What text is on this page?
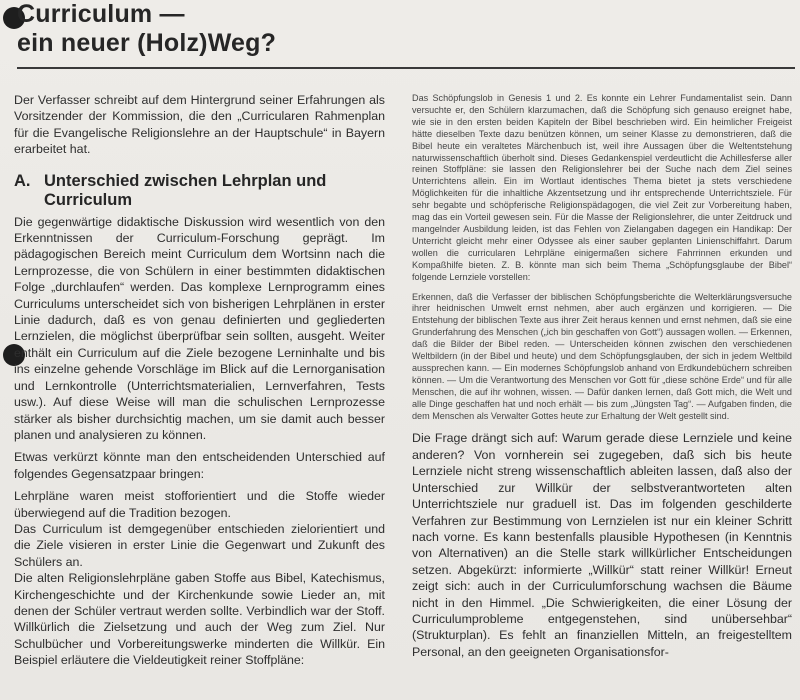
Curriculum —
ein neuer (Holz)Weg?

Der Verfasser schreibt auf dem Hintergrund seiner Erfahrungen als Vorsitzender der Kommission, die den „Curricularen Rahmenplan für die Evangelische Religionslehre an der Hauptschule“ in Bayern erarbeitet hat.

A. Unterschied zwischen Lehrplan und Curriculum

Die gegenwärtige didaktische Diskussion wird wesentlich von den Erkenntnissen der Curriculum-Forschung geprägt. Im pädagogischen Bereich meint Curriculum dem Wortsinn nach die Lernprozesse, die von Schülern in einer bestimmten didaktischen Folge „durchlaufen“ werden. Das komplexe Lernprogramm eines Curriculums unterscheidet sich von bisherigen Lehrplänen in erster Linie dadurch, daß es von genau definierten und gegliederten Lernzielen, die möglichst überprüfbar sein sollten, ausgeht. Weiter enthält ein Curriculum auf die Ziele bezogene Lerninhalte und bis ins einzelne gehende Vorschläge im Blick auf die Lernorganisation und Lernkontrolle (Unterrichtsmaterialien, Lernverfahren, Tests usw.). Auf diese Weise will man die schulischen Lernprozesse stärker als bisher durchsichtig machen, um sie damit auch besser planen und analysieren zu können.

Etwas verkürzt könnte man den entscheidenden Unterschied auf folgendes Gegensatzpaar bringen:

Lehrpläne waren meist stofforientiert und die Stoffe wieder überwiegend auf die Tradition bezogen.

Das Curriculum ist demgegenüber entschieden zielorientiert und die Ziele visieren in erster Linie die Gegenwart und Zukunft des Schülers an.

Die alten Religionslehrpläne gaben Stoffe aus Bibel, Katechismus, Kirchengeschichte und der Kirchenkunde sowie Lieder an, mit denen der Schüler vertraut werden sollte. Verbindlich war der Stoff. Willkürlich die Zielsetzung und auch der Weg zum Ziel. Nur Schulbücher und Vorbereitungswerke minderten die Willkür. Ein Beispiel erläutere die Vieldeutigkeit reiner Stoffpläne:

Das Schöpfungslob in Genesis 1 und 2. Es konnte ein Lehrer Fundamentalist sein. Dann versuchte er, den Schülern klarzumachen, daß die Schöpfung sich genauso ereignet habe, wie sie in den ersten beiden Kapiteln der Bibel beschrieben wird. Ein heimlicher Freigeist hätte dieselben Texte dazu benützen können, um seiner Klasse zu demonstrieren, daß die Bibel heute ein veraltetes Märchenbuch ist, weil ihre Aussagen über die Weltentstehung naturwissenschaftlich überholt sind. Dieses Gedankenspiel verdeutlicht die Achillesferse aller reinen Stoffpläne: sie lassen den Religionslehrer bei der Suche nach dem Ziel seines Unterrichtens allein. Ein im Wortlaut identisches Thema bietet ja stets verschiedene Möglichkeiten für die inhaltliche Akzentsetzung und ihr entsprechende Unterrichtsziele. Für sehr begabte und schöpferische Religionspädagogen, die viel Zeit zur Vorbereitung haben, mag das ein Vorteil gewesen sein. Für die Masse der Religionslehrer, die unter Zeitdruck und mangelnder Ausbildung leiden, ist das Fehlen von Zielangaben dagegen ein Handikap: Der Unterricht gleicht mehr einer Odyssee als einer sauber geplanten Linienschiffahrt. Darum wollen die curricularen Lehrpläne einigermaßen sichere Fahrrinnen erkunden und Kompaßhilfe bieten. Z. B. könnte man sich beim Thema „Schöpfungsglaube der Bibel“ folgende Lernziele vorstellen:

Erkennen, daß die Verfasser der biblischen Schöpfungsberichte die Welterklärungsversuche ihrer heidnischen Umwelt ernst nehmen, aber auch ergänzen und korrigieren. — Die Entstehung der biblischen Texte aus ihrer Zeit heraus kennen und ernst nehmen, daß sie eine Grunderfahrung des Menschen („ich bin geschaffen von Gott“) aussagen wollen. — Erkennen, daß die Bilder der Bibel reden. — Unterscheiden können zwischen den verschiedenen Weltbildern (in der Bibel und heute) und dem Schöpfungsglauben, der sich in jedem Weltbild aussprechen kann. — Ein modernes Schöpfungslob anhand von Erdkundebüchern schreiben können. — Um die Verantwortung des Menschen vor Gott für „diese schöne Erde“ und für alle Menschen, die auf ihr wohnen, wissen. — Dafür danken lernen, daß Gott mich, die Welt und alle Dinge geschaffen hat und noch erhält — bis zum „Jüngsten Tag“. — Aufgaben finden, die dem Menschen als Verwalter Gottes heute zur Erhaltung der Welt gestellt sind.

Die Frage drängt sich auf: Warum gerade diese Lernziele und keine anderen? Von vornherein sei zugegeben, daß sich bis heute Lernziele nicht streng wissenschaftlich ableiten lassen, daß also der Unterschied zur Willkür der selbstverantworteten alten Unterrichtsziele nur graduell ist. Das im folgenden geschilderte Verfahren zur Bestimmung von Lernzielen ist nur ein kleiner Schritt nach vorne. Es kann bestenfalls plausible Hypothesen (in Kenntnis von Alternativen) an die Stelle stark willkürlicher Entscheidungen setzen. Abgekürzt: informierte „Willkür“ statt reiner Willkür! Erneut zeigt sich: auch in der Curriculumforschung wachsen die Bäume nicht in den Himmel. „Die Schwierigkeiten, die einer Lösung der Curriculumprobleme entgegenstehen, sind unübersehbar“ (Strukturplan). Es fehlt an finanziellen Mitteln, an freigestelltem Personal, an den geeigneten Organisationsfor-
